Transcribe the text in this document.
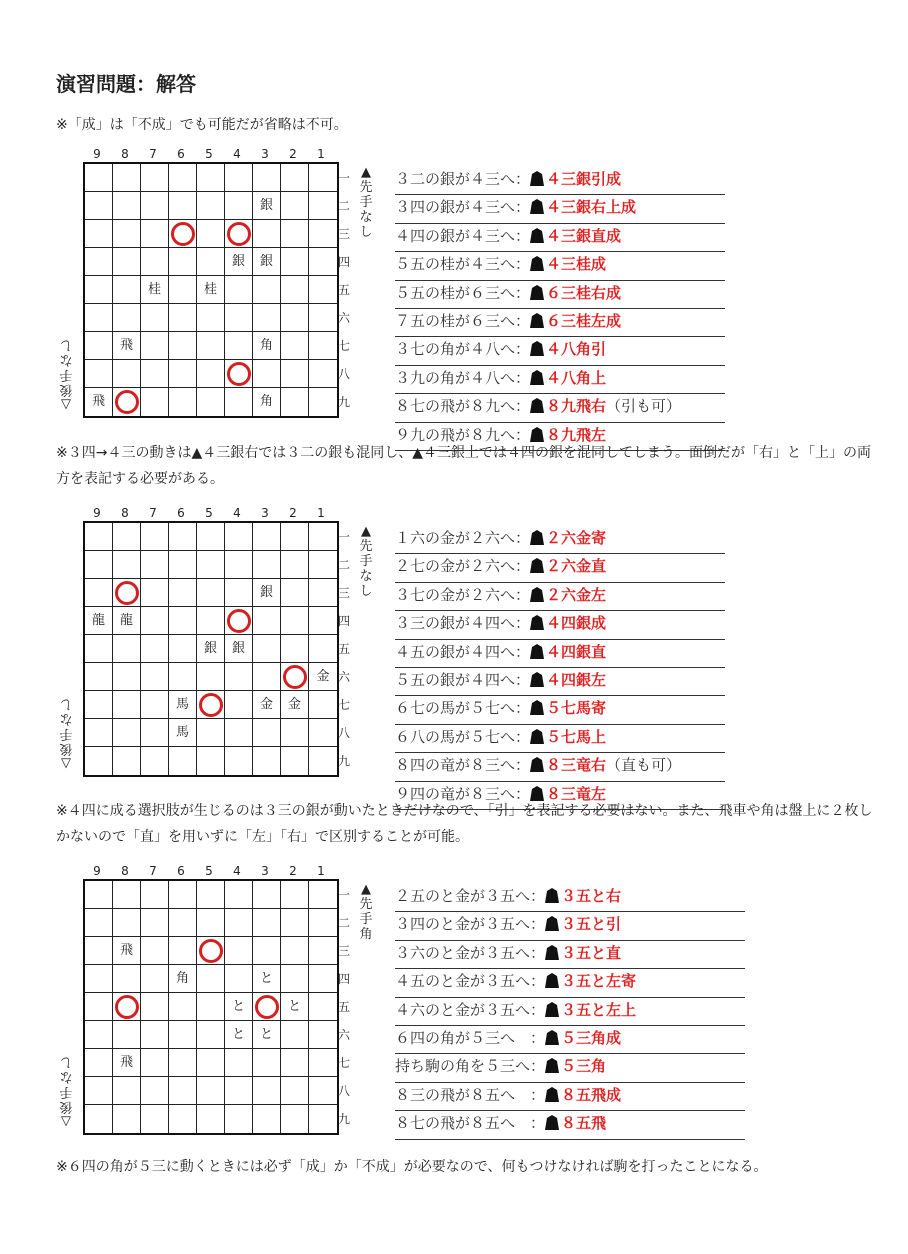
演習問題：解答
※「成」は「不成」でも可能だが省略は不可。
9	8	7	6	5	4	3	2	1
銀
銀	銀
桂	桂
飛	角
飛	角
一
二
三
四
五
六
七
八
九
▲先手 なし
△後手 なし
３二の銀が４三へ： ４三銀引成
３四の銀が４三へ： ４三銀右上成
４四の銀が４三へ： ４三銀直成
５五の桂が４三へ： ４三桂成
５五の桂が６三へ： ６三桂右成
７五の桂が６三へ： ６三桂左成
３七の角が４八へ： ４八角引
３九の角が４八へ： ４八角上
８七の飛が８九へ： ８九飛右（引も可）
９九の飛が８九へ： ８九飛左
※３四→４三の動きは▲４三銀右では３二の銀も混同し、▲４三銀上では４四の銀を混同してしまう。面倒だが「右」と「上」の両方を表記する必要がある。
9	8	7	6	5	4	3	2	1
銀
龍	龍
銀	銀
金
馬	金	金
馬
一
二
三
四
五
六
七
八
九
▲先手 なし
△後手 なし
１六の金が２六へ： ２六金寄
２七の金が２六へ： ２六金直
３七の金が２六へ： ２六金左
３三の銀が４四へ： ４四銀成
４五の銀が４四へ： ４四銀直
５五の銀が４四へ： ４四銀左
６七の馬が５七へ： ５七馬寄
６八の馬が５七へ： ５七馬上
８四の竜が８三へ： ８三竜右（直も可）
９四の竜が８三へ： ８三竜左
※４四に成る選択肢が生じるのは３三の銀が動いたときだけなので、「引」を表記する必要はない。また、飛車や角は盤上に２枚しかないので「直」を用いずに「左」「右」で区別することが可能。
9	8	7	6	5	4	3	2	1
飛
角	と
と	と
と	と
飛
一
二
三
四
五
六
七
八
九
▲先手 角
△後手 なし
２五のと金が３五へ： ３五と右
３四のと金が３五へ： ３五と引
３六のと金が３五へ： ３五と直
４五のと金が３五へ： ３五と左寄
４六のと金が３五へ： ３五と左上
６四の角が５三へ　： ５三角成
持ち駒の角を５三へ： ５三角
８三の飛が８五へ　： ８五飛成
８七の飛が８五へ　： ８五飛
※６四の角が５三に動くときには必ず「成」か「不成」が必要なので、何もつけなければ駒を打ったことになる。
